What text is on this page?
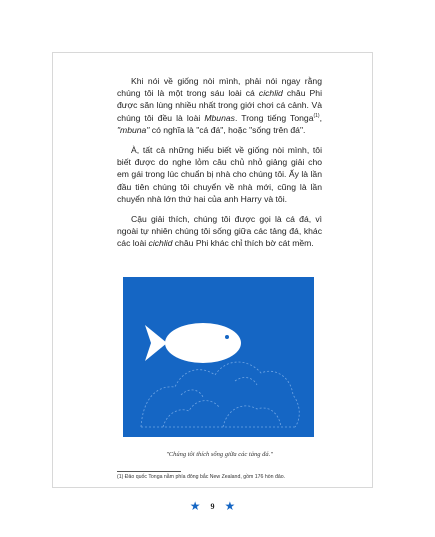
Khi nói về giống nòi mình, phải nói ngay rằng chúng tôi là một trong sáu loài cá cichlid châu Phi được săn lùng nhiều nhất trong giới chơi cá cảnh. Và chúng tôi đều là loài Mbunas. Trong tiếng Tonga$^{(1)}$, "mbuna" có nghĩa là "cá đá", hoặc "sống trên đá".

À, tất cả những hiểu biết về giống nòi mình, tôi biết được do nghe lỏm câu chủ nhỏ giảng giải cho em gái trong lúc chuẩn bị nhà cho chúng tôi. Ấy là lần đầu tiên chúng tôi chuyển về nhà mới, cũng là lần chuyển nhà lớn thứ hai của anh Harry và tôi.

Cậu giải thích, chúng tôi được gọi là cá đá, vì ngoài tự nhiên chúng tôi sống giữa các tảng đá, khác các loài cichlid châu Phi khác chỉ thích bờ cát mềm.

"Chúng tôi thích sống giữa các tảng đá."
(1) Đảo quốc Tonga nằm phía đông bắc New Zealand, gồm 176 hòn đảo.
★ 9 ★
